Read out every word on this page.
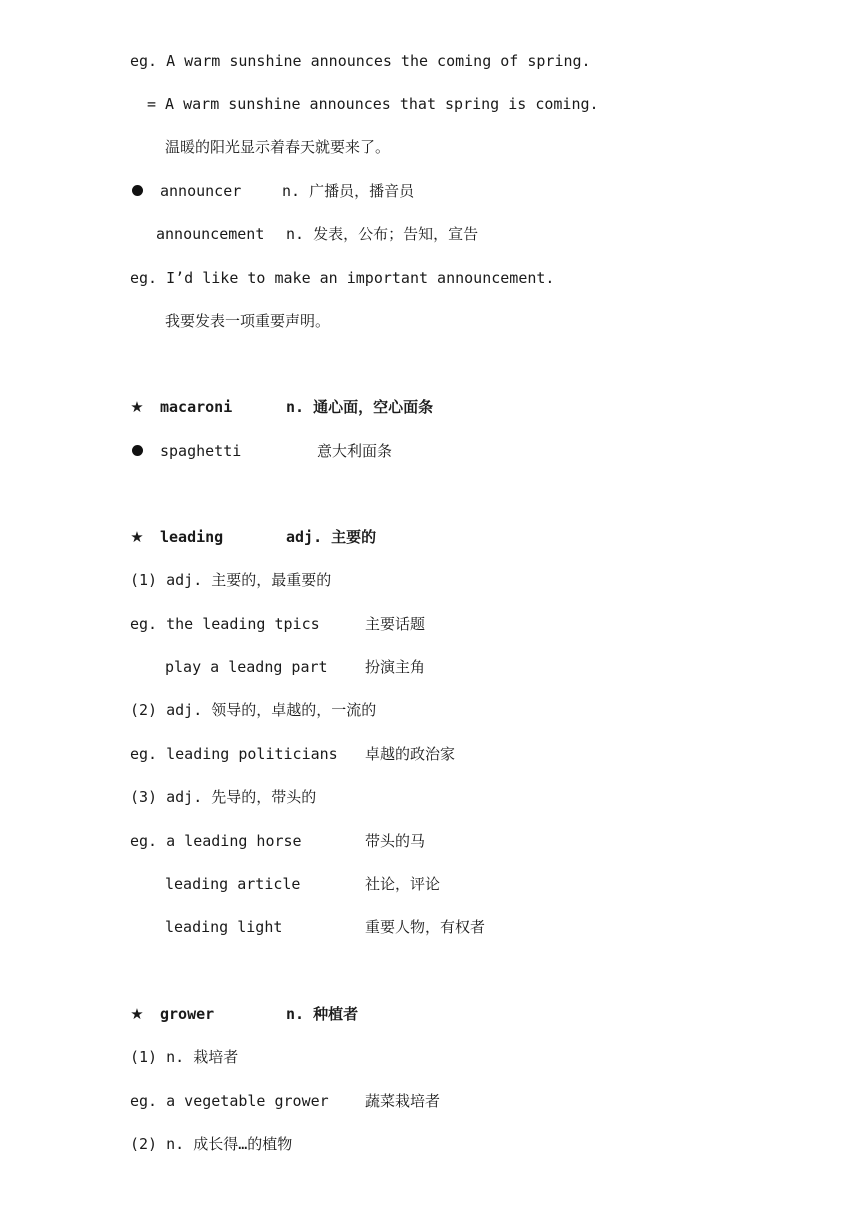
eg. A warm sunshine announces the coming of spring.
= A warm sunshine announces that spring is coming.
温暖的阳光显示着春天就要来了。
announcer	n. 广播员，播音员
announcement n. 发表，公布；告知，宣告
eg. I’d like to make an important announcement.
我要发表一项重要声明。
★ macaroni	n. 通心面，空心面条
spaghetti	意大利面条
★ leading	adj. 主要的
(1) adj. 主要的，最重要的
eg. the leading tpics	主要话题
play a leadng part 扮演主角
(2) adj. 领导的，卓越的，一流的
eg. leading politicians 卓越的政治家
(3) adj. 先导的，带头的
eg. a leading horse	带头的马
leading article	社论，评论
leading light	重要人物，有权者
★ grower	n. 种植者
(1) n. 栽培者
eg. a vegetable grower 蔬菜栽培者
(2) n. 成长得…的植物
